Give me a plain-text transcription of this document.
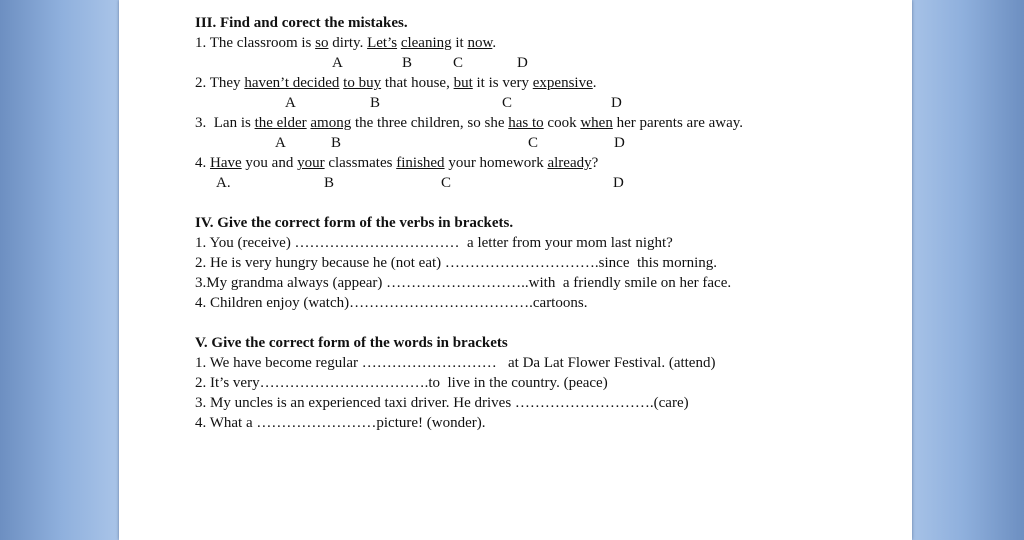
III. Find and corect the mistakes.
1. The classroom is so dirty. Let’s cleaning it now.
A	B	C	D
2. They haven’t decided to buy that house, but it is very expensive.
A	B	C	D
3.  Lan is the elder among the three children, so she has to cook when her parents are away.
A	B	C	D
4. Have you and your classmates finished your homework already?
A.	B	C	D
IV. Give the correct form of the verbs in brackets.
1. You (receive) ……………………………  a letter from your mom last night?
2. He is very hungry because he (not eat) ………………………….since  this morning.
3.My grandma always (appear) ………………………..with  a friendly smile on her face.
4. Children enjoy (watch)……………………………….cartoons.
V. Give the correct form of the words in brackets
1. We have become regular ………………………   at Da Lat Flower Festival. (attend)
2. It’s very…………………………….to  live in the country. (peace)
3. My uncles is an experienced taxi driver. He drives ……………………….(care)
4. What a ……………………picture! (wonder).
